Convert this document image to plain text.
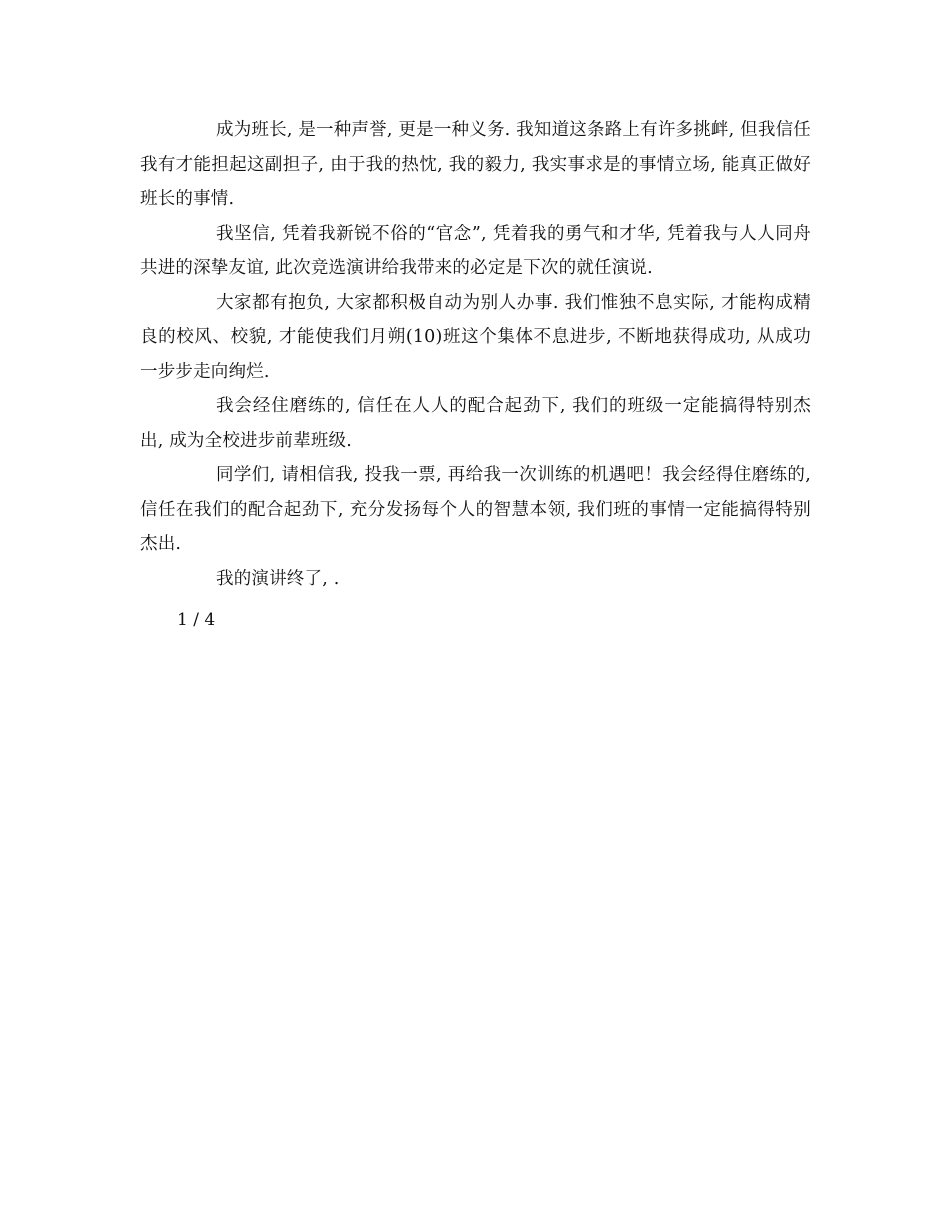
成为班长, 是一种声誉, 更是一种义务. 我知道这条路上有许多挑衅, 但我信任我有才能担起这副担子, 由于我的热忱, 我的毅力, 我实事求是的事情立场, 能真正做好班长的事情.

我坚信, 凭着我新锐不俗的“官念”, 凭着我的勇气和才华, 凭着我与人人同舟共进的深挚友谊, 此次竞选演讲给我带来的必定是下次的就任演说.

大家都有抱负, 大家都积极自动为别人办事. 我们惟独不息实际, 才能构成精良的校风、校貌, 才能使我们月朔(10)班这个集体不息进步, 不断地获得成功, 从成功一步步走向绚烂.

我会经住磨练的, 信任在人人的配合起劲下, 我们的班级一定能搞得特别杰出, 成为全校进步前辈班级.

同学们, 请相信我, 投我一票, 再给我一次训练的机遇吧！我会经得住磨练的, 信任在我们的配合起劲下, 充分发扬每个人的智慧本领, 我们班的事情一定能搞得特别杰出.

我的演讲终了, .

1 / 4
